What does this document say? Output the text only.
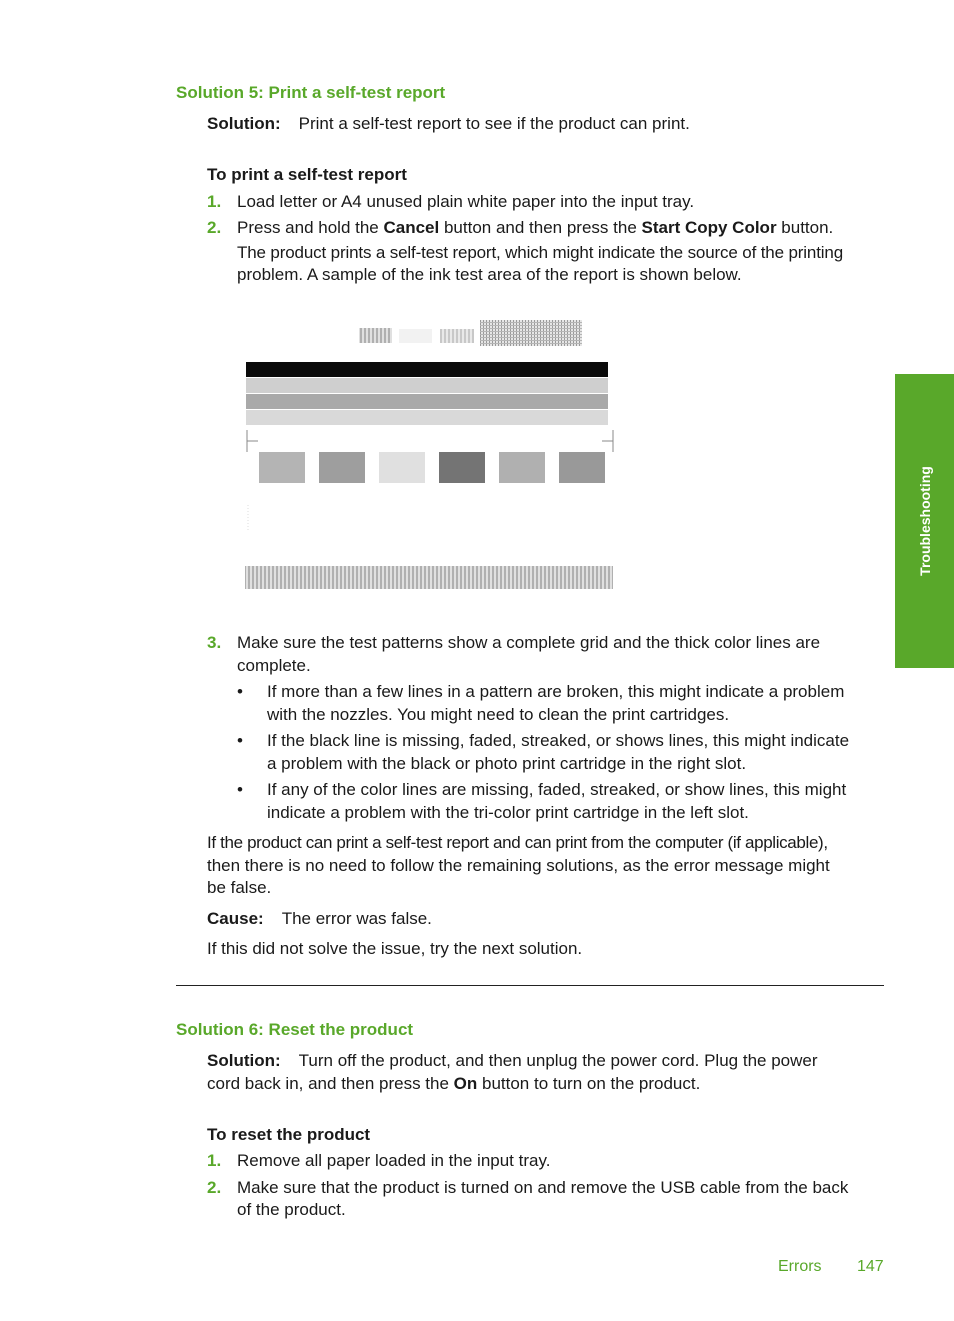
Solution 5: Print a self-test report
Solution: Print a self-test report to see if the product can print.
To print a self-test report
1. Load letter or A4 unused plain white paper into the input tray.
2. Press and hold the Cancel button and then press the Start Copy Color button.
The product prints a self-test report, which might indicate the source of the printing
problem. A sample of the ink test area of the report is shown below.
3. Make sure the test patterns show a complete grid and the thick color lines are
complete.
• If more than a few lines in a pattern are broken, this might indicate a problem
with the nozzles. You might need to clean the print cartridges.
• If the black line is missing, faded, streaked, or shows lines, this might indicate
a problem with the black or photo print cartridge in the right slot.
• If any of the color lines are missing, faded, streaked, or show lines, this might
indicate a problem with the tri-color print cartridge in the left slot.
If the product can print a self-test report and can print from the computer (if applicable),
then there is no need to follow the remaining solutions, as the error message might
be false.
Cause: The error was false.
If this did not solve the issue, try the next solution.
Solution 6: Reset the product
Solution: Turn off the product, and then unplug the power cord. Plug the power
cord back in, and then press the On button to turn on the product.
To reset the product
1. Remove all paper loaded in the input tray.
2. Make sure that the product is turned on and remove the USB cable from the back
of the product.
Troubleshooting
Errors 147
